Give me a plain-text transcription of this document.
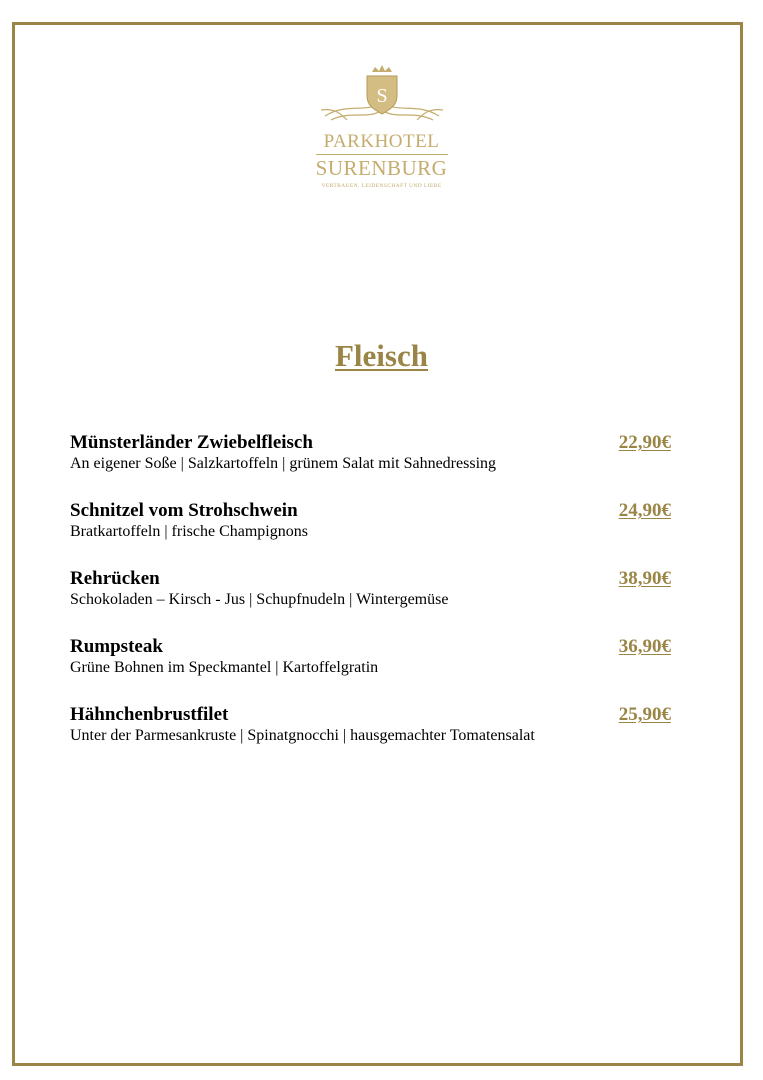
S
PARKHOTEL
SURENBURG
VERTRAUEN, LEIDENSCHAFT UND LIEBE
Fleisch
Münsterländer Zwiebelfleisch
An eigener Soße | Salzkartoffeln | grünem Salat mit Sahnedressing
22,90€
Schnitzel vom Strohschwein
Bratkartoffeln | frische Champignons
24,90€
Rehrücken
Schokoladen – Kirsch - Jus | Schupfnudeln | Wintergemüse
38,90€
Rumpsteak
Grüne Bohnen im Speckmantel | Kartoffelgratin
36,90€
Hähnchenbrustfilet
Unter der Parmesankruste | Spinatgnocchi | hausgemachter Tomatensalat
25,90€
